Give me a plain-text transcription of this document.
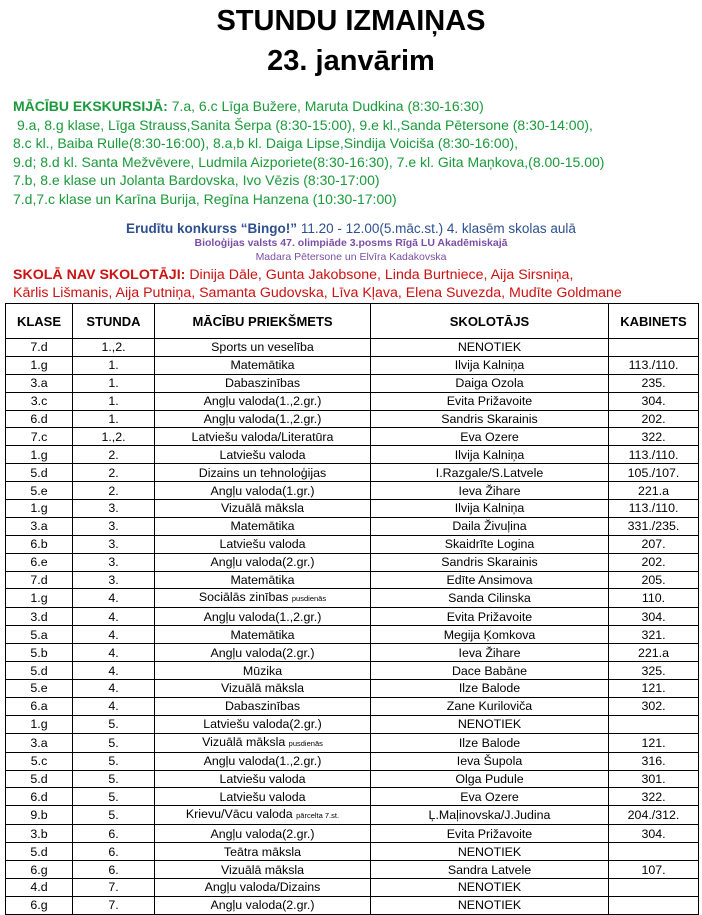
STUNDU IZMAIŅAS
23. janvārim
MĀCĪBU EKSKURSIJĀ: 7.a, 6.c Līga Bužere, Maruta Dudkina (8:30-16:30)
9.a, 8.g klase, Līga Strauss,Sanita Šerpa (8:30-15:00), 9.e kl.,Sanda Pētersone (8:30-14:00),
8.c kl., Baiba Rulle(8:30-16:00), 8.a,b kl. Daiga Lipse,Sindija Voiciša (8:30-16:00),
9.d; 8.d kl. Santa Mežvēvere, Ludmila Aizporiete(8:30-16:30), 7.e kl. Gita Maņkova,(8.00-15.00)
7.b, 8.e klase un Jolanta Bardovska, Ivo Vēzis (8:30-17:00)
7.d,7.c klase un Karīna Burija, Regīna Hanzena (10:30-17:00)
Erudītu konkurss “Bingo!” 11.20 - 12.00(5.māc.st.) 4. klasēm skolas aulā
Bioloģijas valsts 47. olimpiāde 3.posms Rīgā LU Akadēmiskajā
Madara Pētersone un Elvīra Kadakovska
SKOLĀ NAV SKOLOTĀJI: Dinija Dāle, Gunta Jakobsone, Linda Burtniece, Aija Sirsniņa,
Kārlis Lišmanis, Aija Putniņa, Samanta Gudovska, Līva Kļava, Elena Suvezda, Mudīte Goldmane
KLASE	STUNDA	MĀCĪBU PRIEKŠMETS	SKOLOTĀJS	KABINETS
7.d	1.,2.	Sports un veselība	NENOTIEK	
1.g	1.	Matemātika	Ilvija Kalniņa	113./110.
3.a	1.	Dabaszinības	Daiga Ozola	235.
3.c	1.	Angļu valoda(1.,2.gr.)	Evita Prižavoite	304.
6.d	1.	Angļu valoda(1.,2.gr.)	Sandris Skarainis	202.
7.c	1.,2.	Latviešu valoda/Literatūra	Eva Ozere	322.
1.g	2.	Latviešu valoda	Ilvija Kalniņa	113./110.
5.d	2.	Dizains un tehnoloģijas	I.Razgale/S.Latvele	105./107.
5.e	2.	Angļu valoda(1.gr.)	Ieva Žihare	221.a
1.g	3.	Vizuālā māksla	Ilvija Kalniņa	113./110.
3.a	3.	Matemātika	Daila Živuļina	331./235.
6.b	3.	Latviešu valoda	Skaidrīte Logina	207.
6.e	3.	Angļu valoda(2.gr.)	Sandris Skarainis	202.
7.d	3.	Matemātika	Edīte Ansimova	205.
1.g	4.	Sociālās zinības pusdienās	Sanda Cilinska	110.
3.d	4.	Angļu valoda(1.,2.gr.)	Evita Prižavoite	304.
5.a	4.	Matemātika	Megija Ķomkova	321.
5.b	4.	Angļu valoda(2.gr.)	Ieva Žihare	221.a
5.d	4.	Mūzika	Dace Babāne	325.
5.e	4.	Vizuālā māksla	Ilze Balode	121.
6.a	4.	Dabaszinības	Zane Kuriloviča	302.
1.g	5.	Latviešu valoda(2.gr.)	NENOTIEK	
3.a	5.	Vizuālā māksla pusdienās	Ilze Balode	121.
5.c	5.	Angļu valoda(1.,2.gr.)	Ieva Šupola	316.
5.d	5.	Latviešu valoda	Olga Pudule	301.
6.d	5.	Latviešu valoda	Eva Ozere	322.
9.b	5.	Krievu/Vācu valoda pārcelta 7.st.	Ļ.Maļinovska/J.Judina	204./312.
3.b	6.	Angļu valoda(2.gr.)	Evita Prižavoite	304.
5.d	6.	Teātra māksla	NENOTIEK	
6.g	6.	Vizuālā māksla	Sandra Latvele	107.
4.d	7.	Angļu valoda/Dizains	NENOTIEK	
6.g	7.	Angļu valoda(2.gr.)	NENOTIEK	
